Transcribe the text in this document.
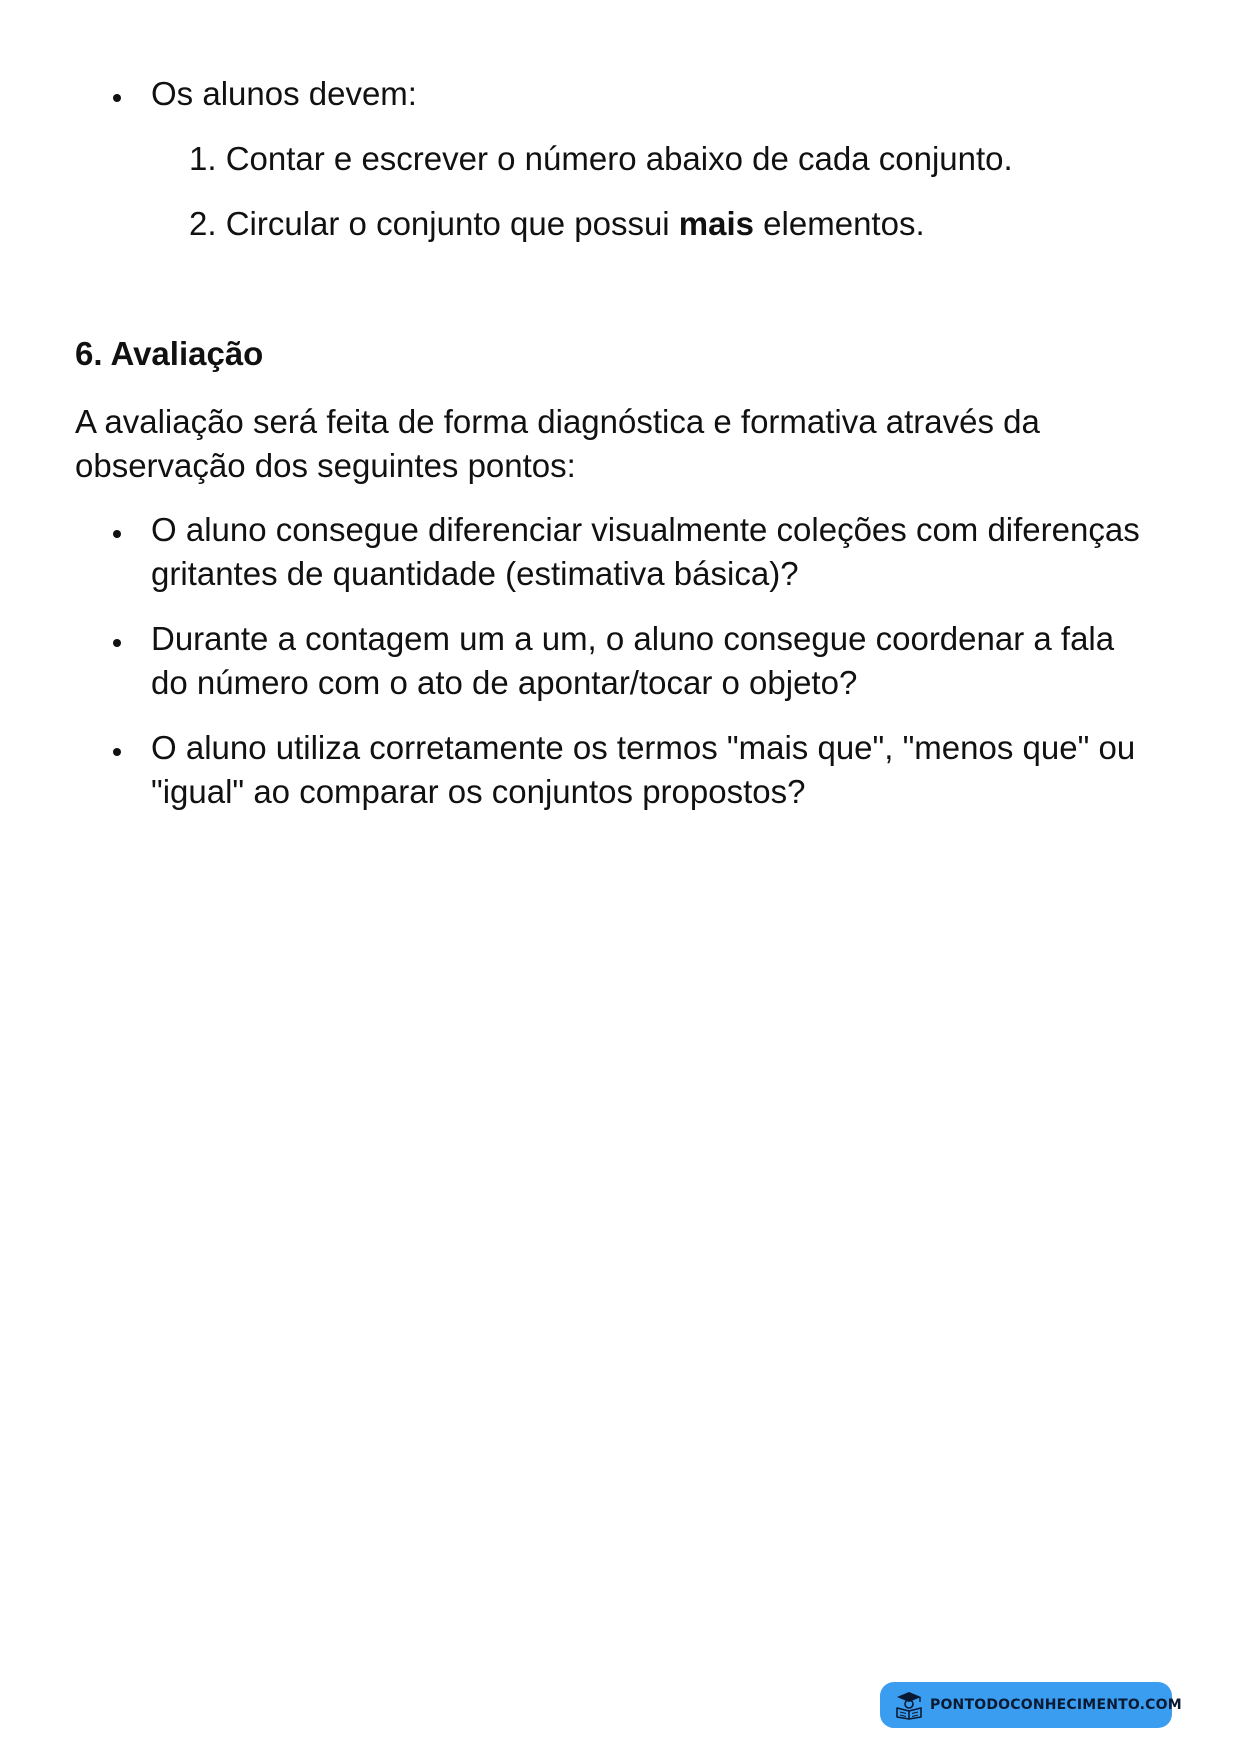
Os alunos devem:
1. Contar e escrever o número abaixo de cada conjunto.
2. Circular o conjunto que possui mais elementos.
6. Avaliação
A avaliação será feita de forma diagnóstica e formativa através da
observação dos seguintes pontos:
O aluno consegue diferenciar visualmente coleções com diferenças
gritantes de quantidade (estimativa básica)?
Durante a contagem um a um, o aluno consegue coordenar a fala
do número com o ato de apontar/tocar o objeto?
O aluno utiliza corretamente os termos "mais que", "menos que" ou
"igual" ao comparar os conjuntos propostos?
PONTODOCONHECIMENTO.COM
